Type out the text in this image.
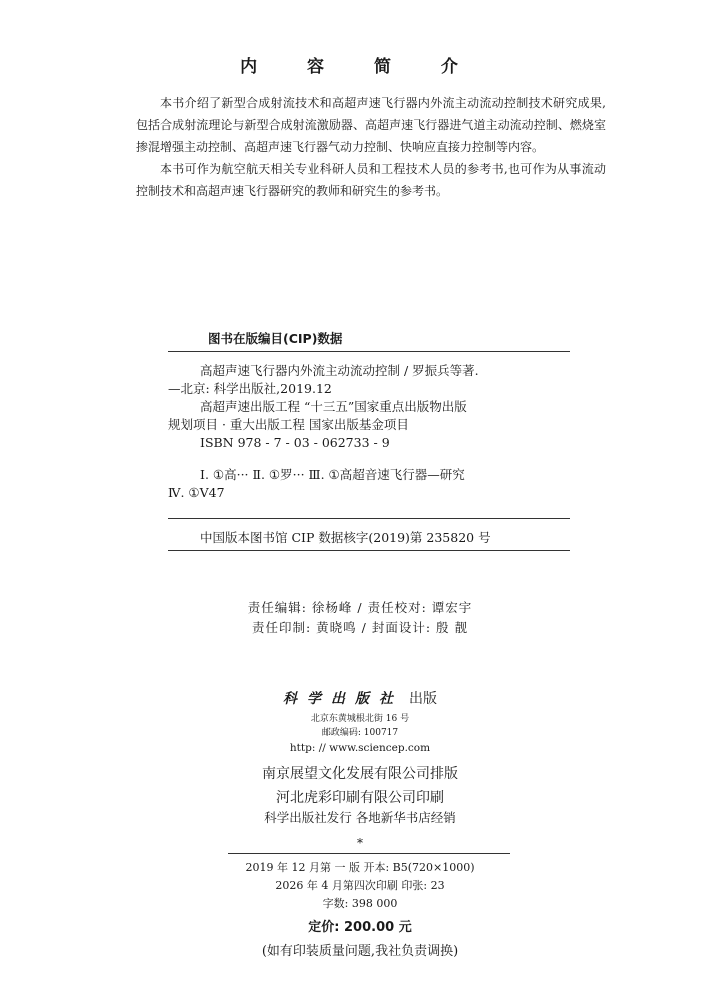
内 容 简 介

本书介绍了新型合成射流技术和高超声速飞行器内外流主动流动控制技术研究成果,包括合成射流理论与新型合成射流激励器、高超声速飞行器进气道主动流动控制、燃烧室掺混增强主动控制、高超声速飞行器气动力控制、快响应直接力控制等内容。

本书可作为航空航天相关专业科研人员和工程技术人员的参考书,也可作为从事流动控制技术和高超声速飞行器研究的教师和研究生的参考书。

图书在版编目(CIP)数据
高超声速飞行器内外流主动流动控制 / 罗振兵等著.
—北京: 科学出版社,2019.12
高超声速出版工程 “十三五”国家重点出版物出版
规划项目 · 重大出版工程 国家出版基金项目
ISBN 978 - 7 - 03 - 062733 - 9
Ⅰ. ①高··· Ⅱ. ①罗··· Ⅲ. ①高超音速飞行器—研究
Ⅳ. ①V47
中国版本图书馆 CIP 数据核字(2019)第 235820 号
责任编辑: 徐杨峰 / 责任校对: 谭宏宇
责任印制: 黄晓鸣 / 封面设计: 殷 靓
科学出版社 出版
北京东黄城根北街 16 号
邮政编码: 100717
http: // www.sciencep.com
南京展望文化发展有限公司排版
河北虎彩印刷有限公司印刷
科学出版社发行 各地新华书店经销
*
2019 年 12 月第 一 版 开本: B5(720×1000)
2026 年 4 月第四次印刷 印张: 23
字数: 398 000
定价: 200.00 元
(如有印装质量问题,我社负责调换)
